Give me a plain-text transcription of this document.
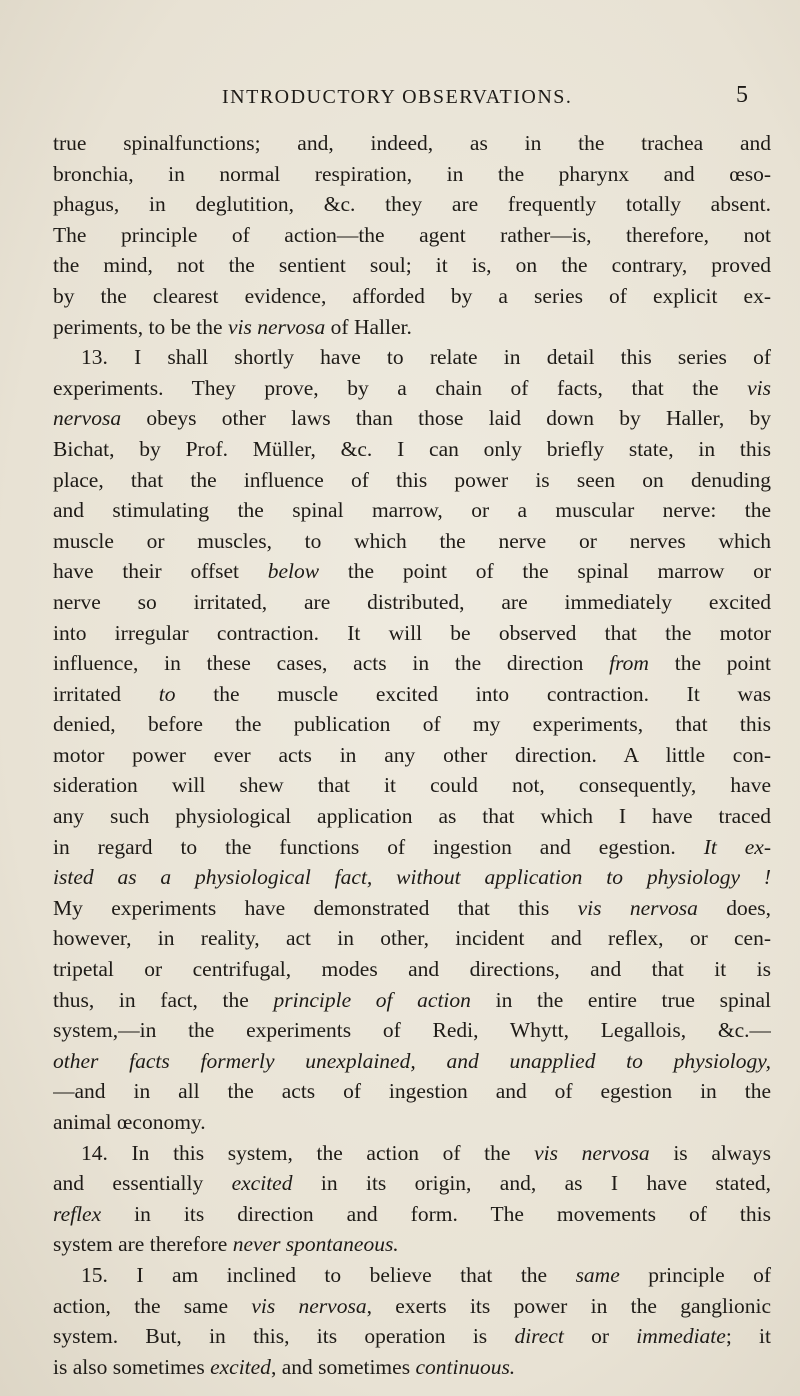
INTRODUCTORY OBSERVATIONS.	5
true spinalfunctions; and, indeed, as in the trachea and
bronchia, in normal respiration, in the pharynx and œso-
phagus, in deglutition, &c. they are frequently totally absent.
The principle of action—the agent rather—is, therefore, not
the mind, not the sentient soul; it is, on the contrary, proved
by the clearest evidence, afforded by a series of explicit ex-
periments, to be the vis nervosa of Haller.
13. I shall shortly have to relate in detail this series of
experiments. They prove, by a chain of facts, that the vis
nervosa obeys other laws than those laid down by Haller, by
Bichat, by Prof. Müller, &c. I can only briefly state, in this
place, that the influence of this power is seen on denuding
and stimulating the spinal marrow, or a muscular nerve: the
muscle or muscles, to which the nerve or nerves which
have their offset below the point of the spinal marrow or
nerve so irritated, are distributed, are immediately excited
into irregular contraction. It will be observed that the motor
influence, in these cases, acts in the direction from the point
irritated to the muscle excited into contraction. It was
denied, before the publication of my experiments, that this
motor power ever acts in any other direction. A little con-
sideration will shew that it could not, consequently, have
any such physiological application as that which I have traced
in regard to the functions of ingestion and egestion. It ex-
isted as a physiological fact, without application to physiology !
My experiments have demonstrated that this vis nervosa does,
however, in reality, act in other, incident and reflex, or cen-
tripetal or centrifugal, modes and directions, and that it is
thus, in fact, the principle of action in the entire true spinal
system,—in the experiments of Redi, Whytt, Legallois, &c.—
other facts formerly unexplained, and unapplied to physiology,
—and in all the acts of ingestion and of egestion in the
animal œconomy.
14. In this system, the action of the vis nervosa is always
and essentially excited in its origin, and, as I have stated,
reflex in its direction and form. The movements of this
system are therefore never spontaneous.
15. I am inclined to believe that the same principle of
action, the same vis nervosa, exerts its power in the ganglionic
system. But, in this, its operation is direct or immediate; it
is also sometimes excited, and sometimes continuous.
